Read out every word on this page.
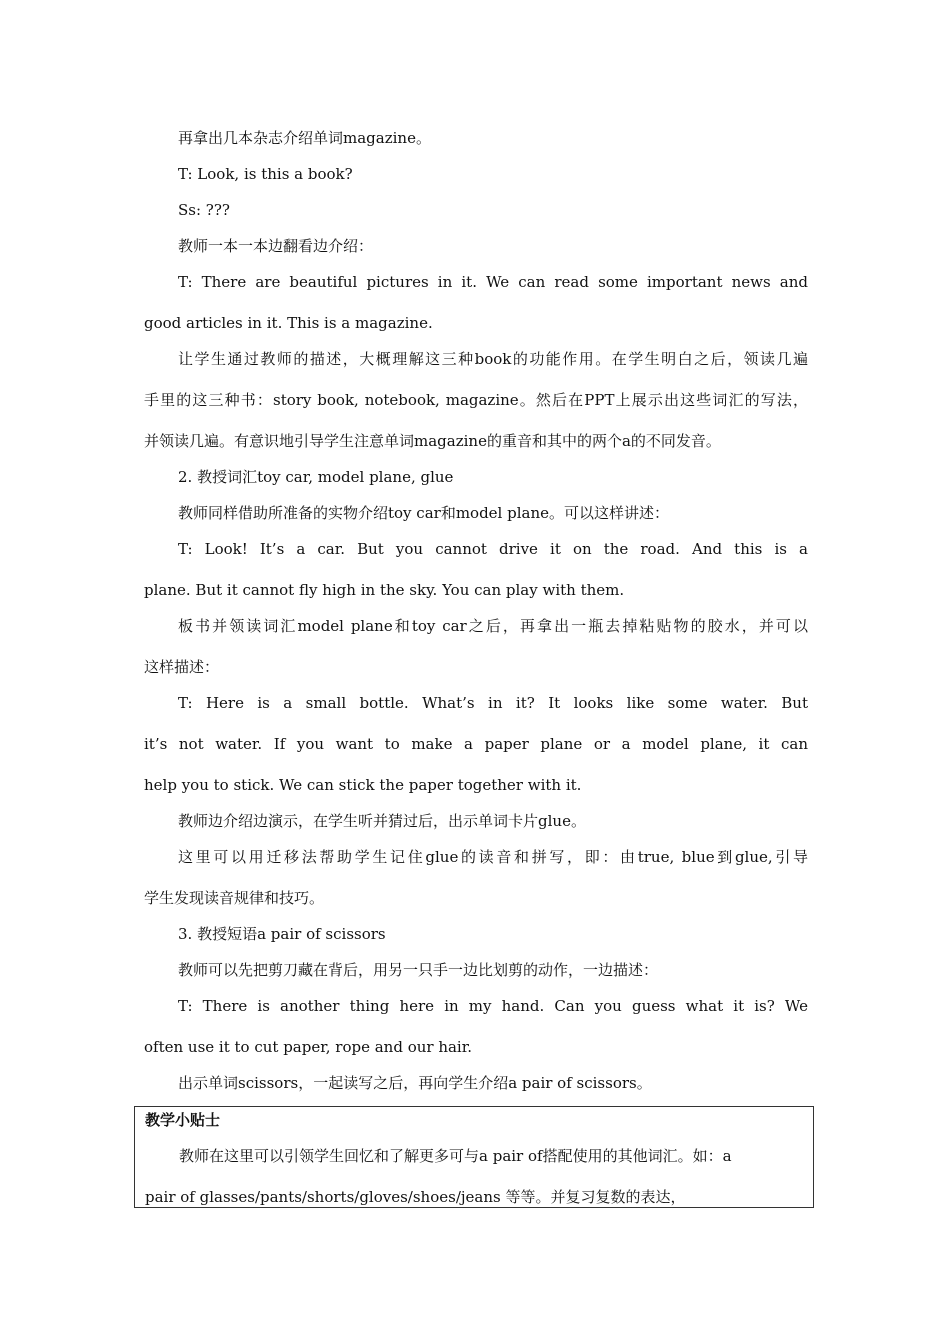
再拿出几本杂志介绍单词magazine。
T: Look, is this a book?
Ss: ???
教师一本一本边翻看边介绍：
T: There are beautiful pictures in it. We can read some important news and
good articles in it. This is a magazine.
让学生通过教师的描述，大概理解这三种book的功能作用。在学生明白之后，领读几遍
手里的这三种书：story book, notebook, magazine。然后在PPT上展示出这些词汇的写法，
并领读几遍。有意识地引导学生注意单词magazine的重音和其中的两个a的不同发音。
2. 教授词汇toy car, model plane, glue
教师同样借助所准备的实物介绍toy car和model plane。可以这样讲述：
T: Look! It’s a car. But you cannot drive it on the road. And this is a
plane. But it cannot fly high in the sky. You can play with them.
板书并领读词汇model plane和toy car之后，再拿出一瓶去掉粘贴物的胶水，并可以
这样描述：
T: Here is a small bottle. What’s in it? It looks like some water. But
it’s not water. If you want to make a paper plane or a model plane, it can
help you to stick. We can stick the paper together with it.
教师边介绍边演示，在学生听并猜过后，出示单词卡片glue。
这里可以用迁移法帮助学生记住glue的读音和拼写，即：由true, blue到glue,引导
学生发现读音规律和技巧。
3. 教授短语a pair of scissors
教师可以先把剪刀藏在背后，用另一只手一边比划剪的动作，一边描述：
T: There is another thing here in my hand. Can you guess what it is? We
often use it to cut paper, rope and our hair.
出示单词scissors，一起读写之后，再向学生介绍a pair of scissors。
教学小贴士
教师在这里可以引领学生回忆和了解更多可与a pair of搭配使用的其他词汇。如：a
pair of glasses/pants/shorts/gloves/shoes/jeans 等等。并复习复数的表达，
